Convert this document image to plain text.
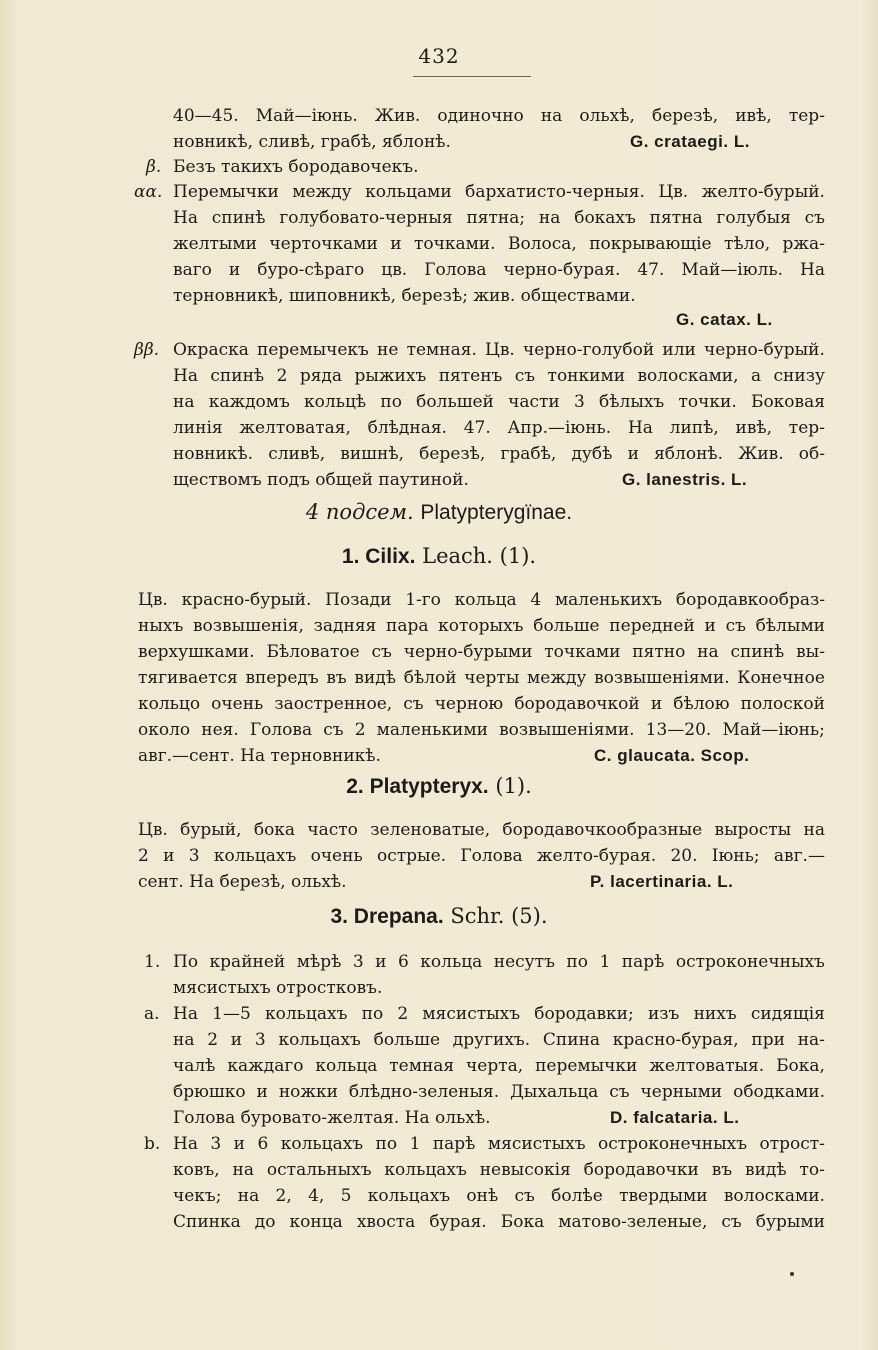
432
40—45. Май—іюнь. Жив. одиночно на ольхѣ, березѣ, ивѣ, тер-
новникѣ, сливѣ, грабѣ, яблонѣ.	G. crataegi. L.
β. Безъ такихъ бородавочекъ.
αα. Перемычки между кольцами бархатисто-черныя. Цв. желто-бурый.
На спинѣ голубовато-черныя пятна; на бокахъ пятна голубыя съ
желтыми черточками и точками. Волоса, покрывающіе тѣло, ржа-
ваго и буро-сѣраго цв. Голова черно-бурая. 47. Май—іюль. На
терновникѣ, шиповникѣ, березѣ; жив. обществами.
G. catax. L.
ββ. Окраска перемычекъ не темная. Цв. черно-голубой или черно-бурый.
На спинѣ 2 ряда рыжихъ пятенъ съ тонкими волосками, а снизу
на каждомъ кольцѣ по большей части 3 бѣлыхъ точки. Боковая
линія желтоватая, блѣдная. 47. Апр.—іюнь. На липѣ, ивѣ, тер-
новникѣ. сливѣ, вишнѣ, березѣ, грабѣ, дубѣ и яблонѣ. Жив. об-
ществомъ подъ общей паутиной.	G. lanestris. L.
4 подсем. Platypterygïnae.
1. Cilix. Leach. (1).
Цв. красно-бурый. Позади 1-го кольца 4 маленькихъ бородавкообраз-
ныхъ возвышенія, задняя пара которыхъ больше передней и съ бѣлыми
верхушками. Бѣловатое съ черно-бурыми точками пятно на спинѣ вы-
тягивается впередъ въ видѣ бѣлой черты между возвышеніями. Конечное
кольцо очень заостренное, съ черною бородавочкой и бѣлою полоской
около нея. Голова съ 2 маленькими возвышеніями. 13—20. Май—іюнь;
авг.—сент. На терновникѣ.	C. glaucata. Scop.
2. Platypteryx. (1).
Цв. бурый, бока часто зеленоватые, бородавочкообразные выросты на
2 и 3 кольцахъ очень острые. Голова желто-бурая. 20. Іюнь; авг.—
сент. На березѣ, ольхѣ.	P. lacertinaria. L.
3. Drepana. Schr. (5).
1. По крайней мѣрѣ 3 и 6 кольца несутъ по 1 парѣ остроконечныхъ
мясистыхъ отростковъ.
a. На 1—5 кольцахъ по 2 мясистыхъ бородавки; изъ нихъ сидящія
на 2 и 3 кольцахъ больше другихъ. Спина красно-бурая, при на-
чалѣ каждаго кольца темная черта, перемычки желтоватыя. Бока,
брюшко и ножки блѣдно-зеленыя. Дыхальца съ черными ободками.
Голова буровато-желтая. На ольхѣ.	D. falcataria. L.
b. На 3 и 6 кольцахъ по 1 парѣ мясистыхъ остроконечныхъ отрост-
ковъ, на остальныхъ кольцахъ невысокія бородавочки въ видѣ то-
чекъ; на 2, 4, 5 кольцахъ онѣ съ болѣе твердыми волосками.
Спинка до конца хвоста бурая. Бока матово-зеленые, съ бурыми
